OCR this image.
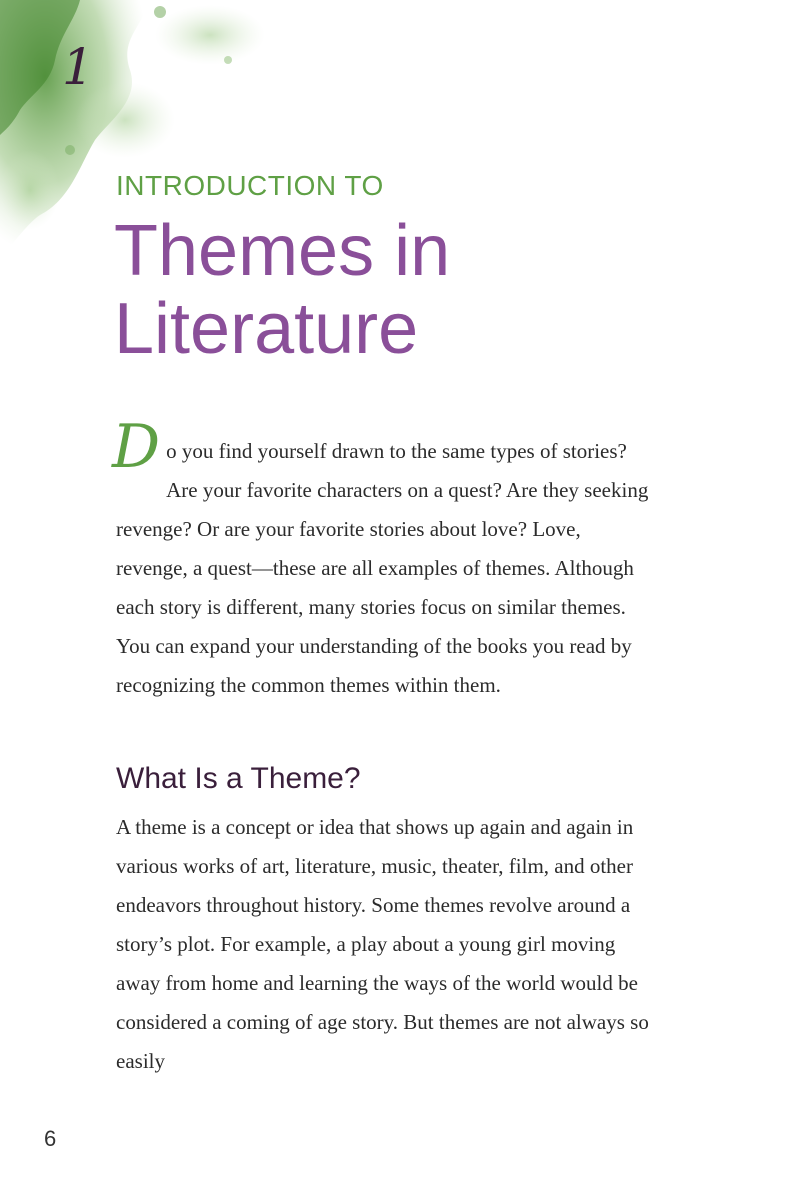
1
INTRODUCTION TO
Themes in
Literature

D o you find yourself drawn to the same types of stories? Are your favorite characters on a quest? Are they seeking revenge? Or are your favorite stories about love? Love, revenge, a quest—these are all examples of themes. Although each story is different, many stories focus on similar themes. You can expand your understanding of the books you read by recognizing the common themes within them.

What Is a Theme?

A theme is a concept or idea that shows up again and again in various works of art, literature, music, theater, film, and other endeavors throughout history. Some themes revolve around a story’s plot. For example, a play about a young girl moving away from home and learning the ways of the world would be considered a coming of age story. But themes are not always so easily

6
